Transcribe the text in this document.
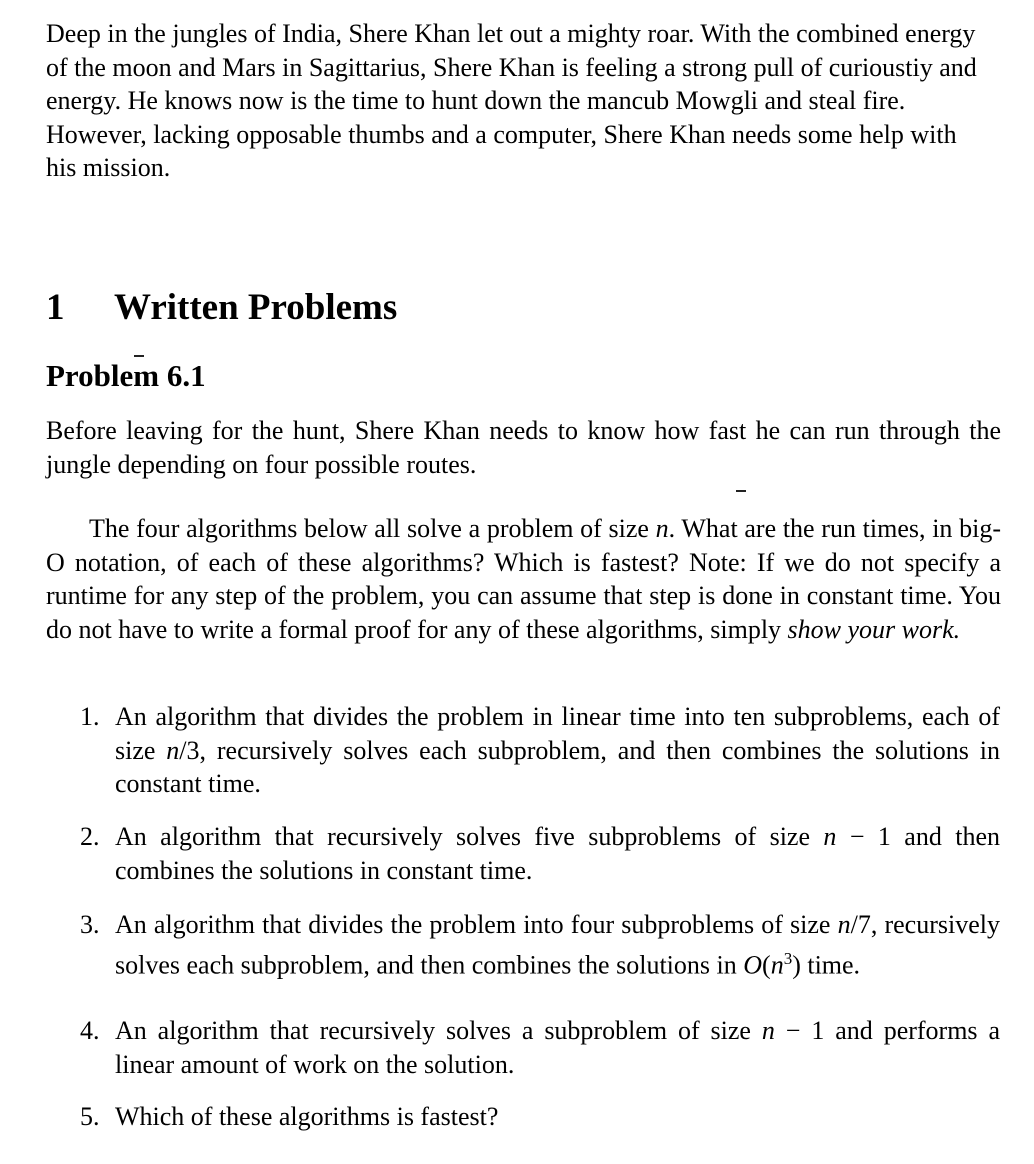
Deep in the jungles of India, Shere Khan let out a mighty roar. With the combined energy of the moon and Mars in Sagittarius, Shere Khan is feeling a strong pull of curioustiy and energy. He knows now is the time to hunt down the mancub Mowgli and steal fire. However, lacking opposable thumbs and a computer, Shere Khan needs some help with his mission.

1 Written Problems
Problem 6.1

Before leaving for the hunt, Shere Khan needs to know how fast he can run through the jungle depending on four possible routes.

The four algorithms below all solve a problem of size n. What are the run times, in big-O notation, of each of these algorithms? Which is fastest? Note: If we do not specify a runtime for any step of the problem, you can assume that step is done in constant time. You do not have to write a formal proof for any of these algorithms, simply show your work.

1. An algorithm that divides the problem in linear time into ten subproblems, each of size n/3, recursively solves each subproblem, and then combines the solutions in constant time.

2. An algorithm that recursively solves five subproblems of size n − 1 and then combines the solutions in constant time.

3. An algorithm that divides the problem into four subproblems of size n/7, recursively solves each subproblem, and then combines the solutions in $O(n^3)$ time.

4. An algorithm that recursively solves a subproblem of size n − 1 and performs a linear amount of work on the solution.

5. Which of these algorithms is fastest?
